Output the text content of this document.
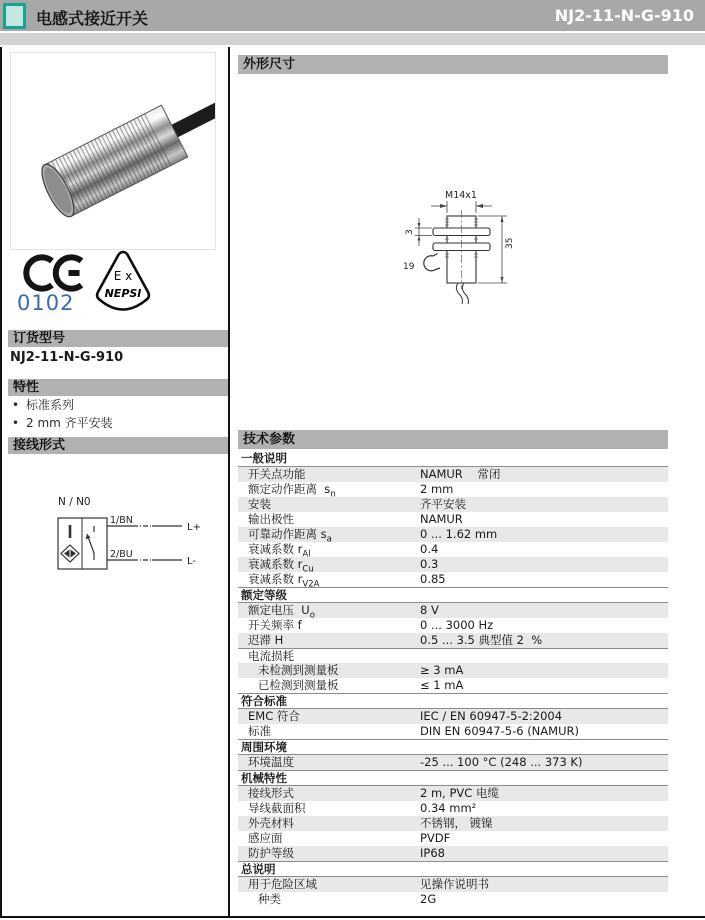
电感式接近开关	NJ2-11-N-G-910
0102
E x
NEPSI
订货型号
NJ2-11-N-G-910
特性
• 标准系列
• 2 mm 齐平安装
接线形式
N / N0
1/BN
L+
2/BU
L-
外形尺寸
M14x1
3
19
35
技术参数
一般说明
开关点功能	NAMUR    常闭
额定动作距离  $s_n$	2 mm
安装	齐平安装
输出极性	NAMUR
可靠动作距离 $s_a$	0 ... 1.62 mm
衰减系数 $r_{Al}$	0.4
衰减系数 $r_{Cu}$	0.3
衰减系数 $r_{V2A}$	0.85
额定等级
额定电压  $U_o$	8 V
开关频率 f	0 ... 3000 Hz
迟滞 H	0.5 ... 3.5 典型值 2  %
电流损耗
未检测到测量板	≥ 3 mA
已检测到测量板	≤ 1 mA
符合标准
EMC 符合	IEC / EN 60947-5-2:2004
标准	DIN EN 60947-5-6 (NAMUR)
周围环境
环境温度	-25 ... 100 °C (248 ... 373 K)
机械特性
接线形式	2 m, PVC 电缆
导线截面积	0.34 mm²
外壳材料	不锈钢， 镀镍
感应面	PVDF
防护等级	IP68
总说明
用于危险区域	见操作说明书
种类	2G
